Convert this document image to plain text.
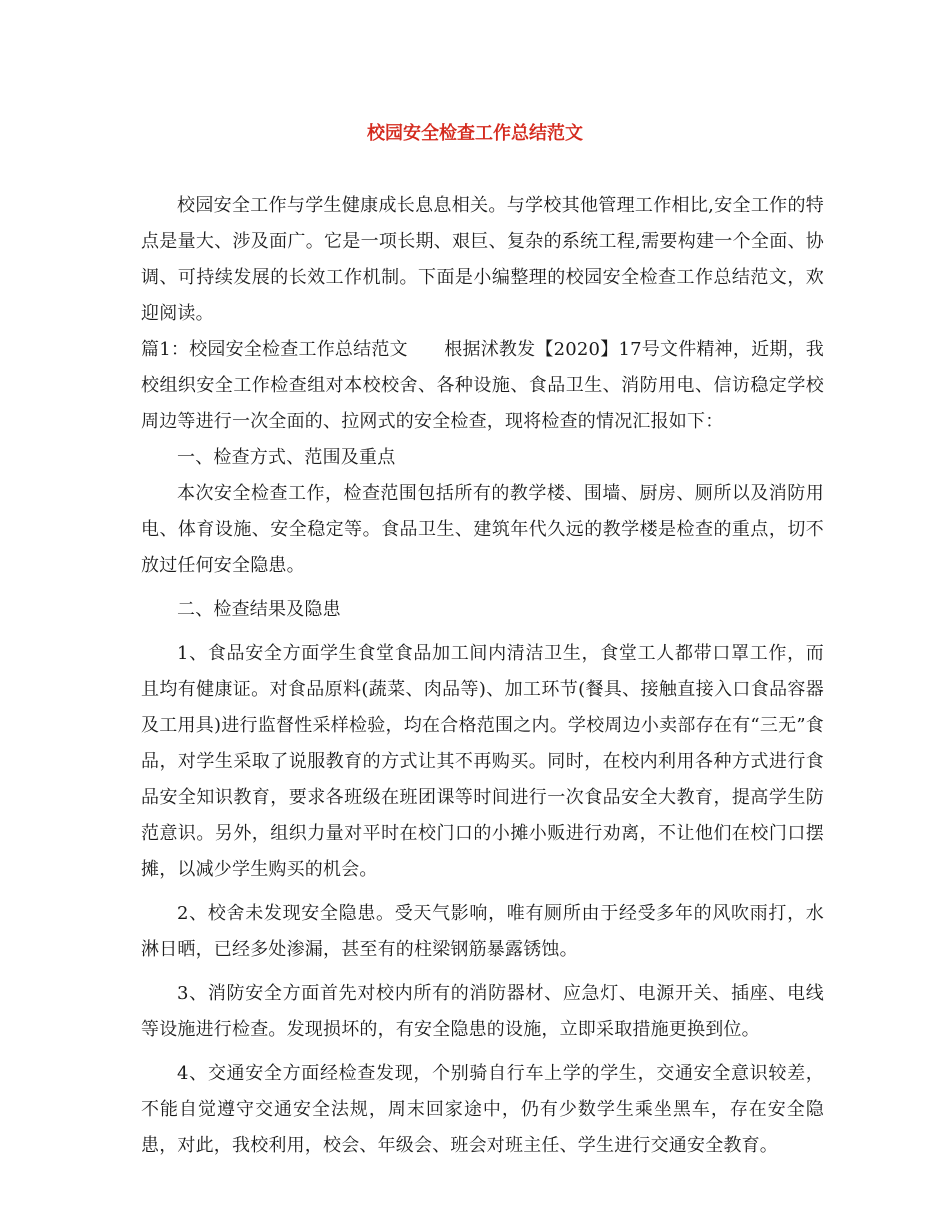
校园安全检查工作总结范文

校园安全工作与学生健康成长息息相关。与学校其他管理工作相比,安全工作的特点是量大、涉及面广。它是一项长期、艰巨、复杂的系统工程,需要构建一个全面、协调、可持续发展的长效工作机制。下面是小编整理的校园安全检查工作总结范文，欢迎阅读。

篇1：校园安全检查工作总结范文　　根据沭教发【2020】17号文件精神，近期，我校组织安全工作检查组对本校校舍、各种设施、食品卫生、消防用电、信访稳定学校周边等进行一次全面的、拉网式的安全检查，现将检查的情况汇报如下：

一、检查方式、范围及重点

本次安全检查工作，检查范围包括所有的教学楼、围墙、厨房、厕所以及消防用电、体育设施、安全稳定等。食品卫生、建筑年代久远的教学楼是检查的重点，切不放过任何安全隐患。

二、检查结果及隐患

1、食品安全方面学生食堂食品加工间内清洁卫生，食堂工人都带口罩工作，而且均有健康证。对食品原料(蔬菜、肉品等)、加工环节(餐具、接触直接入口食品容器及工用具)进行监督性采样检验，均在合格范围之内。学校周边小卖部存在有“三无”食品，对学生采取了说服教育的方式让其不再购买。同时，在校内利用各种方式进行食品安全知识教育，要求各班级在班团课等时间进行一次食品安全大教育，提高学生防范意识。另外，组织力量对平时在校门口的小摊小贩进行劝离，不让他们在校门口摆摊，以减少学生购买的机会。

2、校舍未发现安全隐患。受天气影响，唯有厕所由于经受多年的风吹雨打，水淋日晒，已经多处渗漏，甚至有的柱梁钢筋暴露锈蚀。

3、消防安全方面首先对校内所有的消防器材、应急灯、电源开关、插座、电线等设施进行检查。发现损坏的，有安全隐患的设施，立即采取措施更换到位。

4、交通安全方面经检查发现，个别骑自行车上学的学生，交通安全意识较差，不能自觉遵守交通安全法规，周末回家途中，仍有少数学生乘坐黑车，存在安全隐患，对此，我校利用，校会、年级会、班会对班主任、学生进行交通安全教育。
